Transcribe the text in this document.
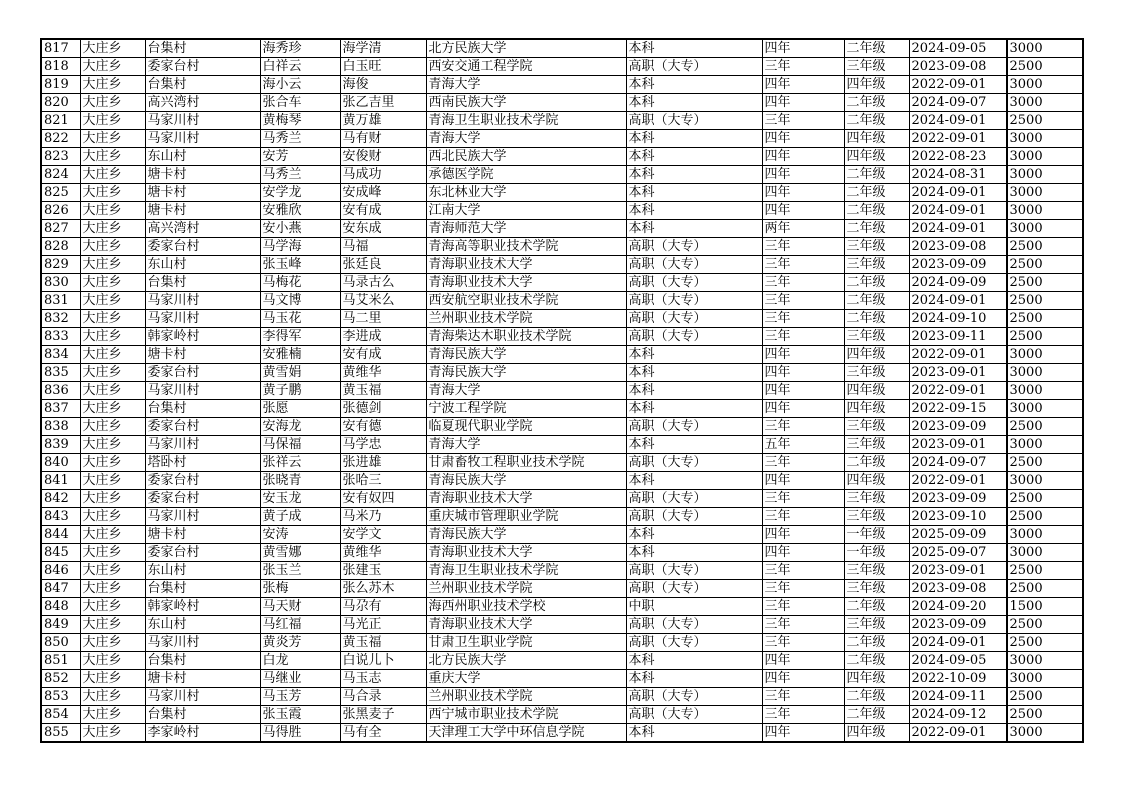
817	大庄乡	台集村	海秀珍	海学清	北方民族大学	本科	四年	二年级	2024-09-05		3000
818	大庄乡	委家台村	白祥云	白玉旺	西安交通工程学院	高职（大专）	三年	三年级	2023-09-08		2500
819	大庄乡	台集村	海小云	海俊	青海大学	本科	四年	四年级	2022-09-01		3000
820	大庄乡	高兴湾村	张合车	张乙吉里	西南民族大学	本科	四年	二年级	2024-09-07		3000
821	大庄乡	马家川村	黄梅琴	黄万雄	青海卫生职业技术学院	高职（大专）	三年	二年级	2024-09-01		2500
822	大庄乡	马家川村	马秀兰	马有财	青海大学	本科	四年	四年级	2022-09-01		3000
823	大庄乡	东山村	安芳	安俊财	西北民族大学	本科	四年	四年级	2022-08-23		3000
824	大庄乡	塘卡村	马秀兰	马成功	承德医学院	本科	四年	二年级	2024-08-31		3000
825	大庄乡	塘卡村	安学龙	安成峰	东北林业大学	本科	四年	二年级	2024-09-01		3000
826	大庄乡	塘卡村	安雅欣	安有成	江南大学	本科	四年	二年级	2024-09-01		3000
827	大庄乡	高兴湾村	安小燕	安东成	青海师范大学	本科	两年	二年级	2024-09-01		3000
828	大庄乡	委家台村	马学海	马福	青海高等职业技术学院	高职（大专）	三年	三年级	2023-09-08		2500
829	大庄乡	东山村	张玉峰	张廷良	青海职业技术大学	高职（大专）	三年	三年级	2023-09-09		2500
830	大庄乡	台集村	马梅花	马录古么	青海职业技术大学	高职（大专）	三年	二年级	2024-09-09		2500
831	大庄乡	马家川村	马文博	马艾米么	西安航空职业技术学院	高职（大专）	三年	二年级	2024-09-01		2500
832	大庄乡	马家川村	马玉花	马二里	兰州职业技术学院	高职（大专）	三年	二年级	2024-09-10		2500
833	大庄乡	韩家岭村	李得军	李进成	青海柴达木职业技术学院	高职（大专）	三年	三年级	2023-09-11		2500
834	大庄乡	塘卡村	安雅楠	安有成	青海民族大学	本科	四年	四年级	2022-09-01		3000
835	大庄乡	委家台村	黄雪娟	黄维华	青海民族大学	本科	四年	三年级	2023-09-01		3000
836	大庄乡	马家川村	黄子鹏	黄玉福	青海大学	本科	四年	四年级	2022-09-01		3000
837	大庄乡	台集村	张愿	张德剑	宁波工程学院	本科	四年	四年级	2022-09-15		3000
838	大庄乡	委家台村	安海龙	安有德	临夏现代职业学院	高职（大专）	三年	三年级	2023-09-09		2500
839	大庄乡	马家川村	马保福	马学忠	青海大学	本科	五年	三年级	2023-09-01		3000
840	大庄乡	塔卧村	张祥云	张进雄	甘肃畜牧工程职业技术学院	高职（大专）	三年	二年级	2024-09-07		2500
841	大庄乡	委家台村	张晓青	张哈三	青海民族大学	本科	四年	四年级	2022-09-01		3000
842	大庄乡	委家台村	安玉龙	安有奴四	青海职业技术大学	高职（大专）	三年	三年级	2023-09-09		2500
843	大庄乡	马家川村	黄子成	马米乃	重庆城市管理职业学院	高职（大专）	三年	三年级	2023-09-10		2500
844	大庄乡	塘卡村	安涛	安学文	青海民族大学	本科	四年	一年级	2025-09-09		3000
845	大庄乡	委家台村	黄雪娜	黄维华	青海职业技术大学	本科	四年	一年级	2025-09-07		3000
846	大庄乡	东山村	张玉兰	张建玉	青海卫生职业技术学院	高职（大专）	三年	三年级	2023-09-01		2500
847	大庄乡	台集村	张梅	张么苏木	兰州职业技术学院	高职（大专）	三年	三年级	2023-09-08		2500
848	大庄乡	韩家岭村	马天财	马尕有	海西州职业技术学校	中职	三年	二年级	2024-09-20		1500
849	大庄乡	东山村	马红福	马光正	青海职业技术大学	高职（大专）	三年	三年级	2023-09-09		2500
850	大庄乡	马家川村	黄炎芳	黄玉福	甘肃卫生职业学院	高职（大专）	三年	二年级	2024-09-01		2500
851	大庄乡	台集村	白龙	白说儿卜	北方民族大学	本科	四年	二年级	2024-09-05		3000
852	大庄乡	塘卡村	马继业	马玉志	重庆大学	本科	四年	四年级	2022-10-09		3000
853	大庄乡	马家川村	马玉芳	马合录	兰州职业技术学院	高职（大专）	三年	二年级	2024-09-11		2500
854	大庄乡	台集村	张玉霞	张黑麦子	西宁城市职业技术学院	高职（大专）	三年	二年级	2024-09-12		2500
855	大庄乡	李家岭村	马得胜	马有全	天津理工大学中环信息学院	本科	四年	四年级	2022-09-01		3000
